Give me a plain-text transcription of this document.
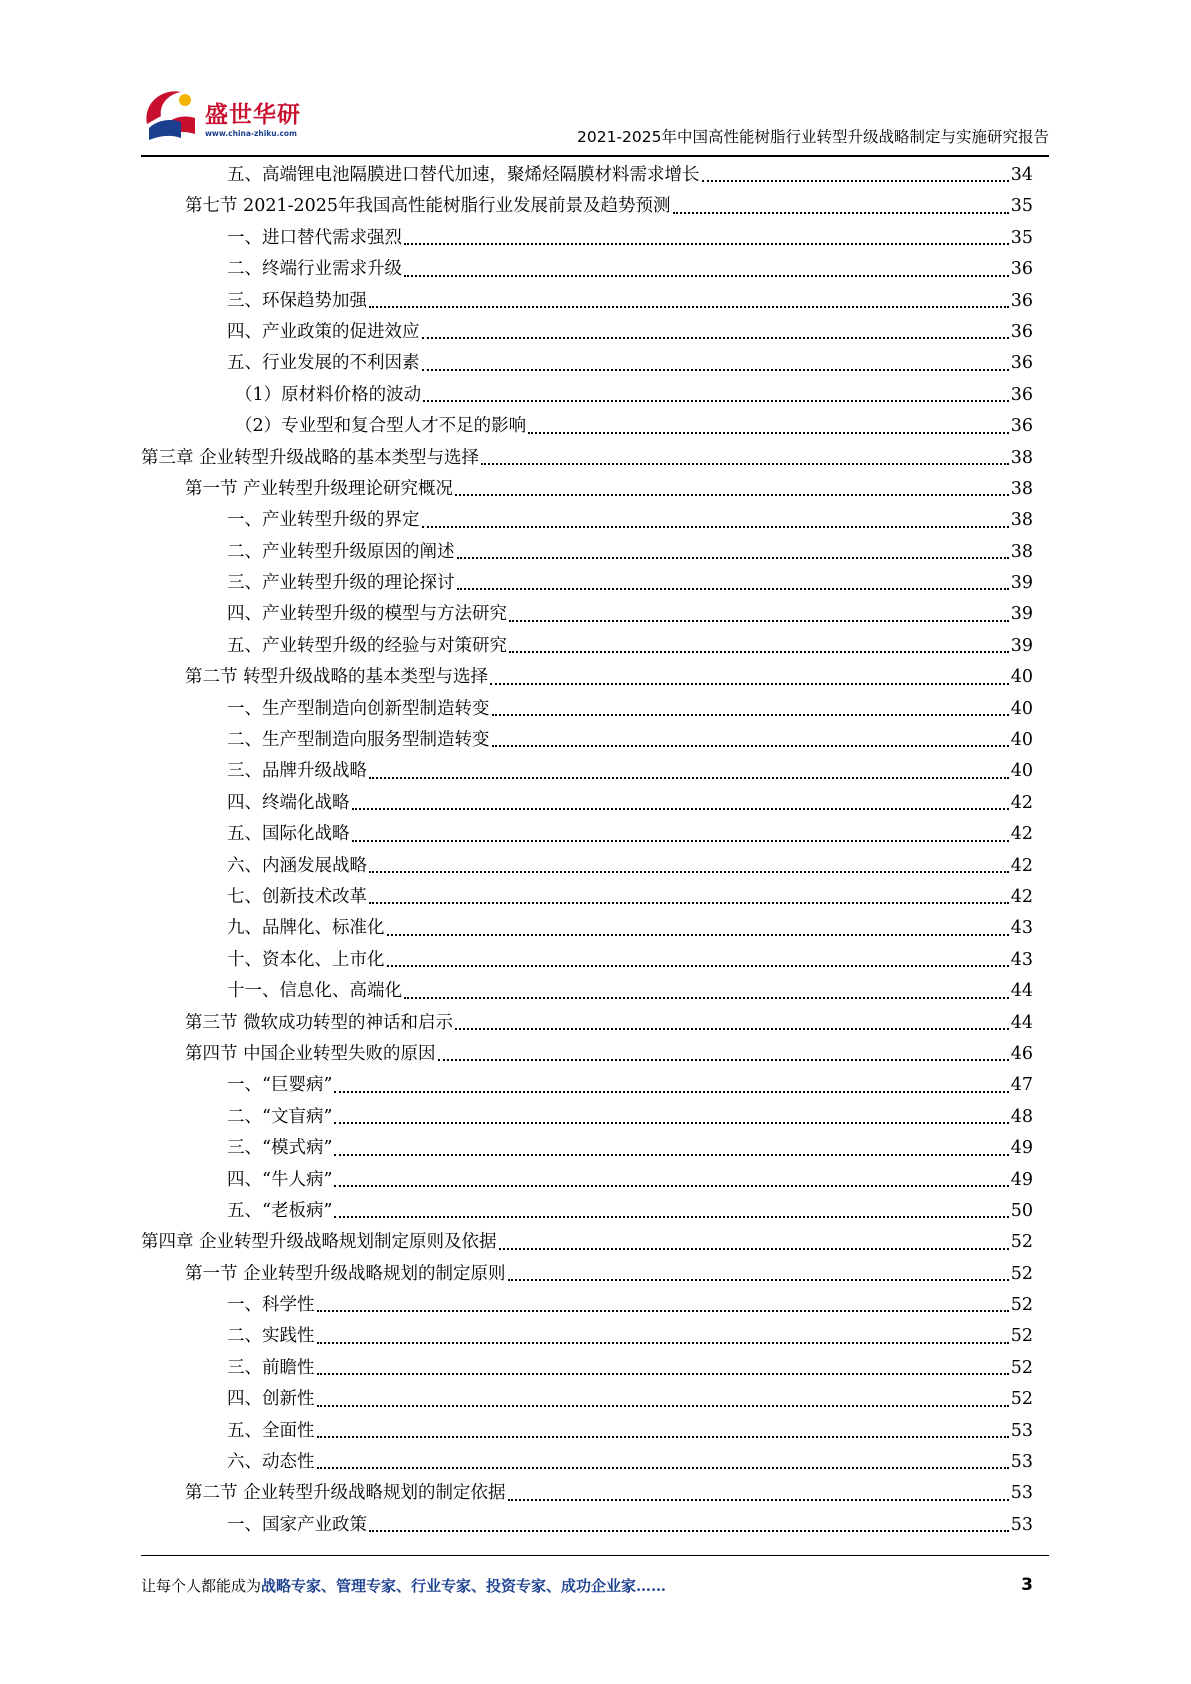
盛世华研
www.china-zhiku.com	2021-2025年中国高性能树脂行业转型升级战略制定与实施研究报告
五、高端锂电池隔膜进口替代加速，聚烯烃隔膜材料需求增长	34
第七节 2021-2025年我国高性能树脂行业发展前景及趋势预测	35
一、进口替代需求强烈	35
二、终端行业需求升级	36
三、环保趋势加强	36
四、产业政策的促进效应	36
五、行业发展的不利因素	36
（1）原材料价格的波动	36
（2）专业型和复合型人才不足的影响	36
第三章 企业转型升级战略的基本类型与选择	38
第一节 产业转型升级理论研究概况	38
一、产业转型升级的界定	38
二、产业转型升级原因的阐述	38
三、产业转型升级的理论探讨	39
四、产业转型升级的模型与方法研究	39
五、产业转型升级的经验与对策研究	39
第二节 转型升级战略的基本类型与选择	40
一、生产型制造向创新型制造转变	40
二、生产型制造向服务型制造转变	40
三、品牌升级战略	40
四、终端化战略	42
五、国际化战略	42
六、内涵发展战略	42
七、创新技术改革	42
九、品牌化、标准化	43
十、资本化、上市化	43
十一、信息化、高端化	44
第三节 微软成功转型的神话和启示	44
第四节 中国企业转型失败的原因	46
一、“巨婴病”	47
二、“文盲病”	48
三、“模式病”	49
四、“牛人病”	49
五、“老板病”	50
第四章 企业转型升级战略规划制定原则及依据	52
第一节 企业转型升级战略规划的制定原则	52
一、科学性	52
二、实践性	52
三、前瞻性	52
四、创新性	52
五、全面性	53
六、动态性	53
第二节 企业转型升级战略规划的制定依据	53
一、国家产业政策	53
让每个人都能成为战略专家、管理专家、行业专家、投资专家、成功企业家……	3
